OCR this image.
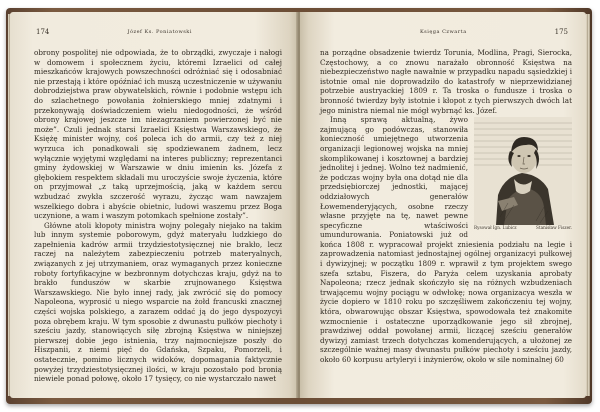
174	Józef Ks. Poniatowski

obrony pospolitej nie odpowiada, że to obrządki, zwyczaje i nałogi w domowem i społecznem życiu, któremi Izraelici od całej mieszkańców krajowych powszechności odróżniać się i odosabniać nie przestają i które opóźniać ich muszą uczestniczenie w używaniu dobrodziejstwa praw obywatelskich, równie i podobnie wstępu ich do szlachetnego powołania żołnierskiego mniej zdatnymi i przekonywają doświadczeniem wielu niedogodności, że wśród obrony krajowej jeszcze im niezagrzaniem powierzonej być nie może”. Czuli jednak starsi Izraelici Księstwa Warszawskiego, że Księżę minister wojny, coś poleca ich do armii, czy też z niej wyrzuca ich ponadkowali się spodziewanem żadnem, lecz wyłącznie wyjętymi względami na interes publiczny; reprezentanci gminy żydowskiej w Warszawie w dniu imienin ks. Józefa z głębokiem respektem składali mu uroczyście swoje życzenia, które on przyjmował „z taką uprzejmością, jaką w każdem sercu wzbudzać zwykła szczerość wyrazu, życząc wam nawzajem wszelkiego dobra i abyście obietnic, ludowi waszemu przez Boga uczynione, a wam i waszym potomkach spełnione zostały”.

Główne atoli kłopoty ministra wojny polegały niejako na takim lub innym systemie poborowym, gdyż materyału ludzkiego do zapełnienia kadrów armii trzydziestotysięcznej nie brakło, lecz raczej na należytem zabezpieczeniu potrzeb materyalnych, związanych z jej utrzymaniem, oraz wymaganych przez konieczne roboty fortyfikacyjne w bezbronnym dotychczas kraju, gdyż na to brakło funduszów w skarbie zrujnowanego Księstwa Warszawskiego. Nie było innej rady, jak zwrócić się do pomocy Napoleona, wyprosić u niego wsparcie na żołd francuski znacznej części wojska polskiego, a zarazem oddać ją do jego dyspozycyi poza obrębem kraju. W tym sposobie z dwunastu pułków piechoty i sześciu jazdy, stanowiących siłę zbrojną Księstwa w niniejszej pierwszej dobie jego istnienia, trzy najmocniejsze poszły do Hiszpanii, z niemi pięć do Gdańska, Szpaku, Pomorzeli, i ostatecznie, pomimo licznych widoków, dopomagania faktycznie powyżej trzydziestotysięcznej ilości, w kraju pozostało pod bronią niewiele ponad połowę, około 17 tysięcy, co nie wystarczało nawet

Księga Czwarta	175

na porządne obsadzenie twierdz Torunia, Modlina, Pragi, Sierocka, Częstochowy, a co znowu narażało obronność Księstwa na niebezpieczeństwo nagłe nawałnie w przypadku napadu sąsiedzkiej i istotnie omal nie doprowadziło do katastrofy w nieprzewidzianej potrzebie austryackiej 1809 r. Ta troska o fundusze i troska o bronność twierdzy były istotnie i kłopot z tych pierwszych dwóch lat jego ministra niemal nie mógł wybrnąć ks. Józef.

Rysował Ign. Lubicz	Stanisław Fiszer.

Inną sprawą aktualną, żywo zajmującą go podówczas, stanowiła konieczność umiejętnego utworzenia organizacji legionowej wojska na mniej skomplikowanej i kosztownej a bardziej jednolitej i jednej. Wolno też nadmienić, że podczas wojny była ona dotąd nie dla przedsiębiorczej jednostki, mającej oddziałowych generałów Łowemenderyjących, osobne rzeczy własne przyjęte na tę, nawet pewne specyficzne wtaściwości umundurowania. Poniatowski już od końca 1808 r. wypracował projekt zniesienia podziału na legie i zaprowadzenia natomiast jednostajnej ogólnej organizacyi pułkowej i dywizyjnej; w początku 1809 r. wprawił z tym projektem swego szefa sztabu, Fiszera, do Paryża celem uzyskania aprobaty Napoleona; rzecz jednak skończyło się na różnych wzbudzeniach trwającemu wojny pociągu w odwłokę; nowa organizacya weszła w życie dopiero w 1810 roku po szczęśliwem zakończeniu tej wojny, która, obwarowując obszar Księstwa, spowodowała też znakomite wzmocnienie i ostateczne uporządkowanie jego sił zbrojnej, prawdziwej oddał powołanej armii, liczącej sześciu generałów dywizyj zamiast trzech dotychczas komenderujących, a ułożonej ze szczególnie ważnej masy dwunastu pułków piechoty i sześciu jazdy, około 60 korpusu artyleryi i inżynierów, około w sile nominalnej 60
